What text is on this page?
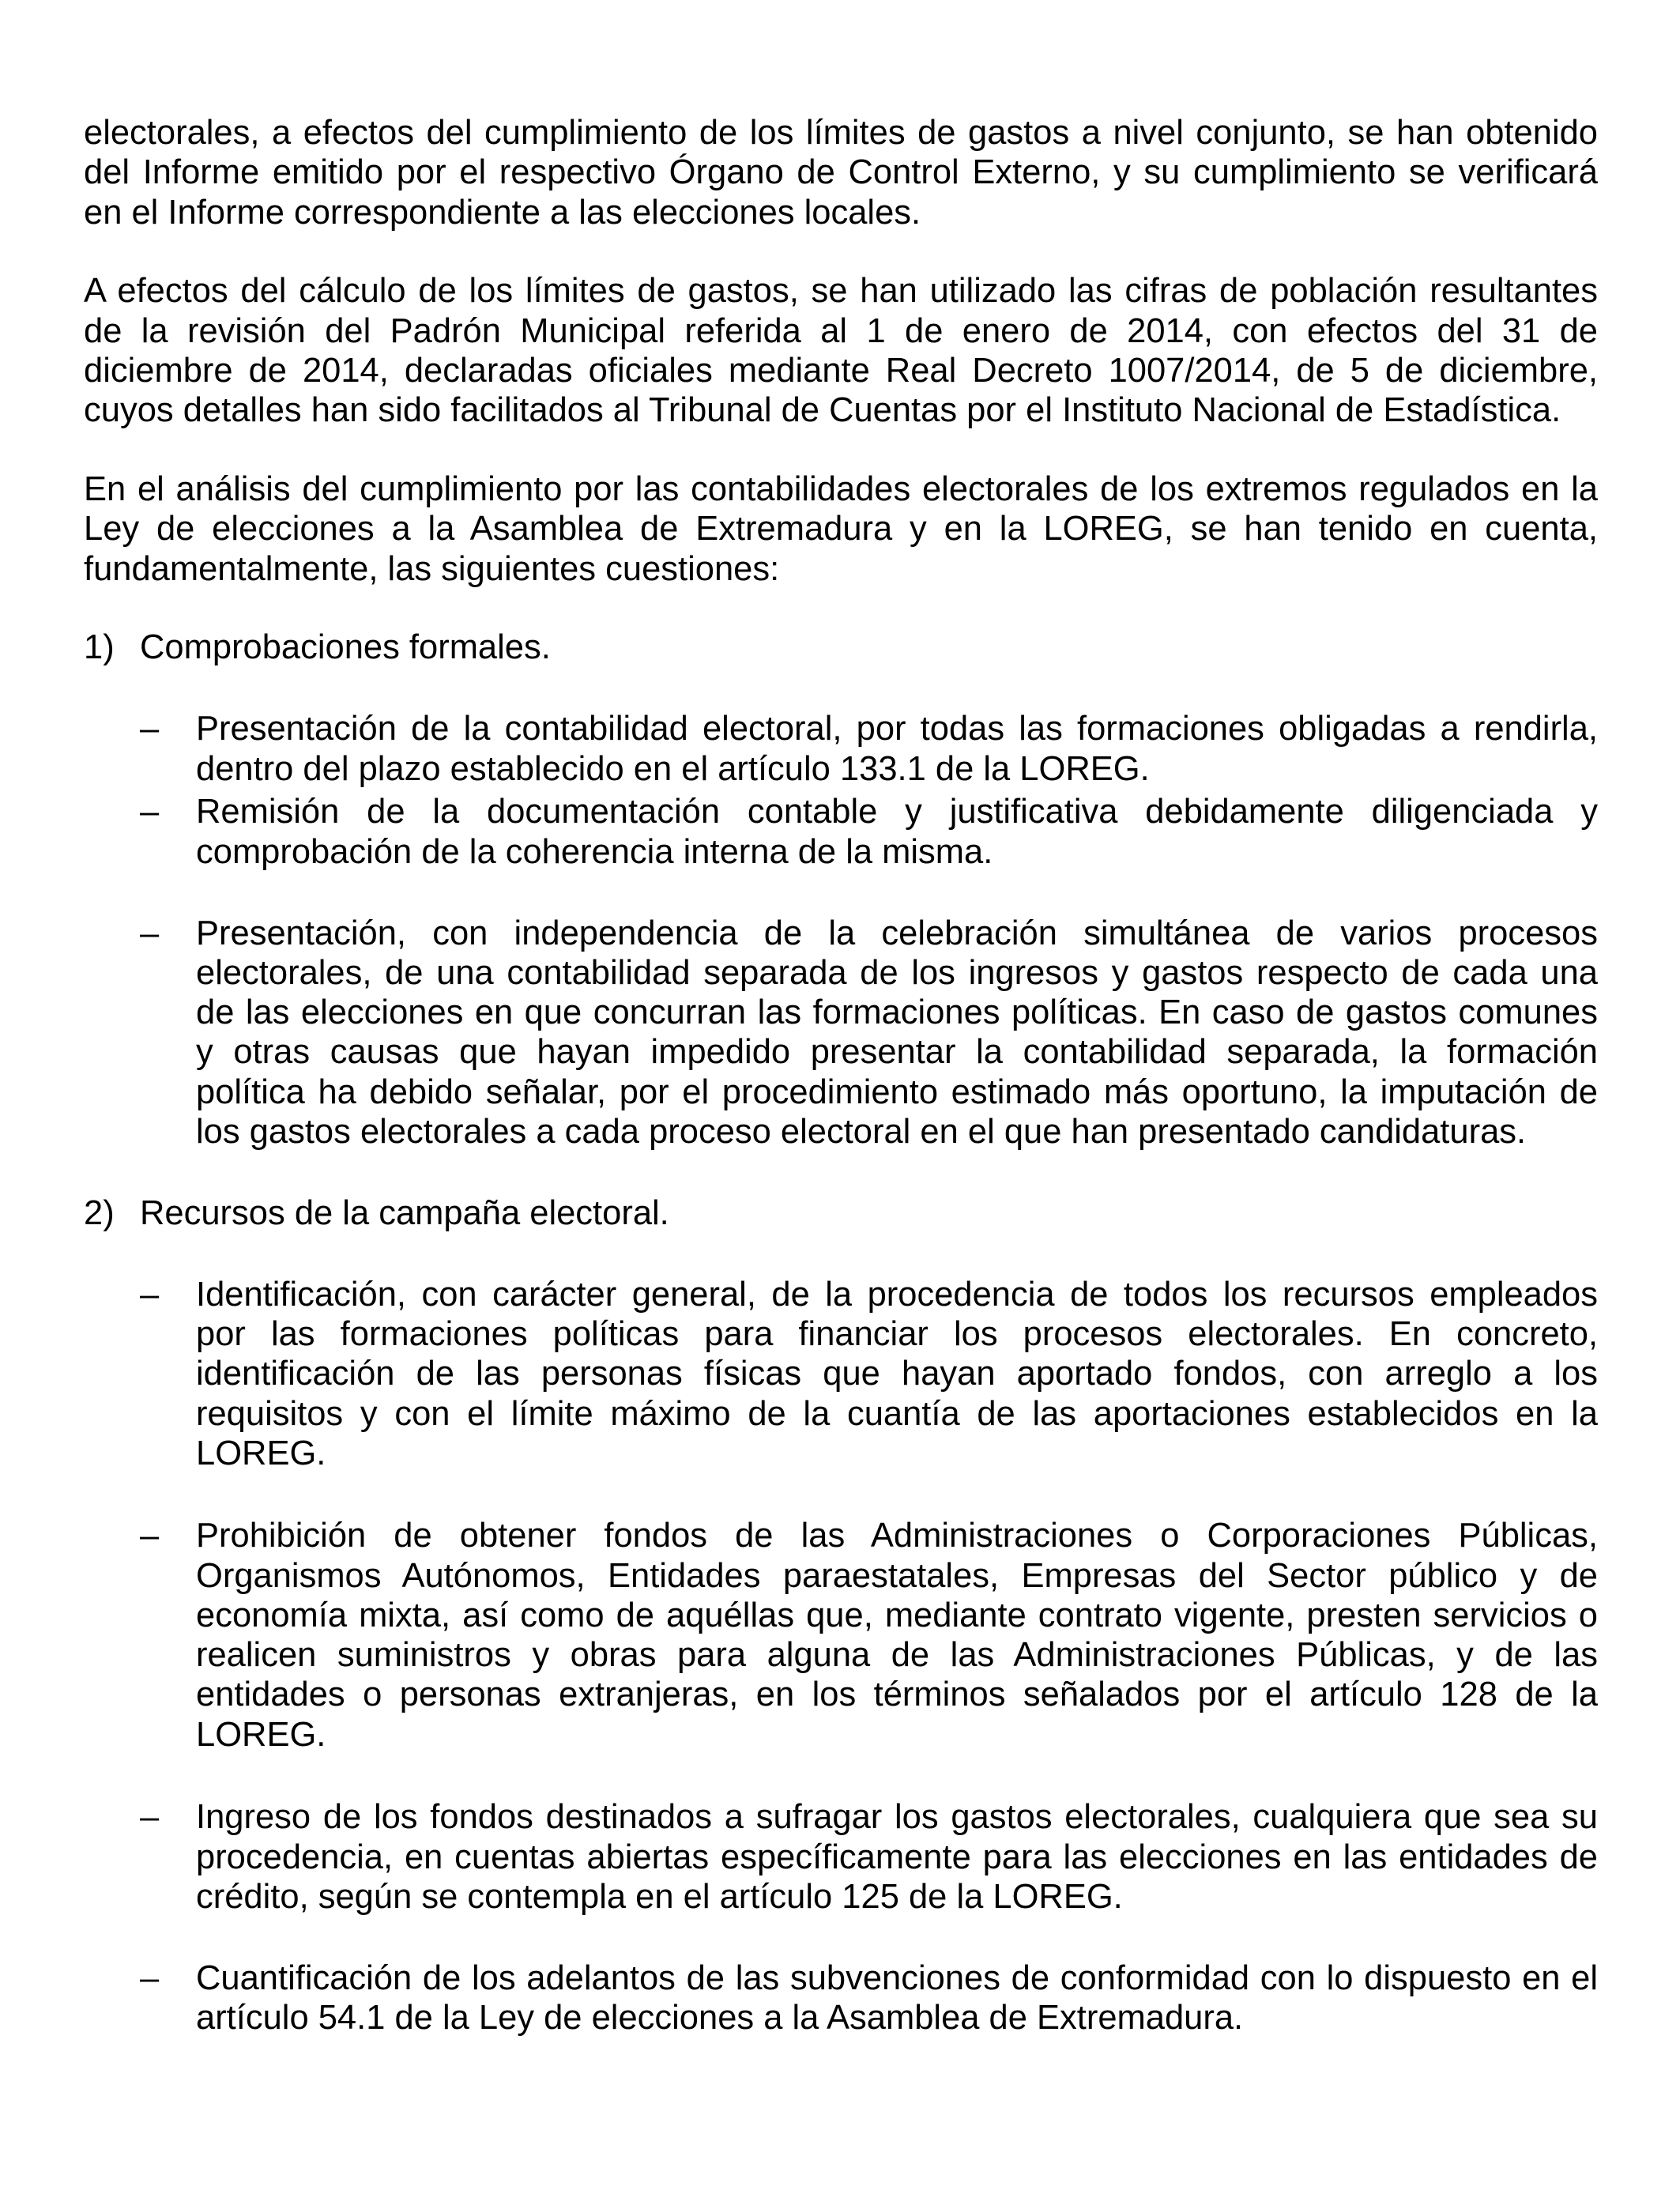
electorales, a efectos del cumplimiento de los límites de gastos a nivel conjunto, se han obtenido
del Informe emitido por el respectivo Órgano de Control Externo, y su cumplimiento se verificará
en el Informe correspondiente a las elecciones locales.
A efectos del cálculo de los límites de gastos, se han utilizado las cifras de población resultantes
de la revisión del Padrón Municipal referida al 1 de enero de 2014, con efectos del 31 de
diciembre de 2014, declaradas oficiales mediante Real Decreto 1007/2014, de 5 de diciembre,
cuyos detalles han sido facilitados al Tribunal de Cuentas por el Instituto Nacional de Estadística.
En el análisis del cumplimiento por las contabilidades electorales de los extremos regulados en la
Ley de elecciones a la Asamblea de Extremadura y en la LOREG, se han tenido en cuenta,
fundamentalmente, las siguientes cuestiones:
1) Comprobaciones formales.
– Presentación de la contabilidad electoral, por todas las formaciones obligadas a rendirla,
dentro del plazo establecido en el artículo 133.1 de la LOREG.
– Remisión de la documentación contable y justificativa debidamente diligenciada y
comprobación de la coherencia interna de la misma.
– Presentación, con independencia de la celebración simultánea de varios procesos
electorales, de una contabilidad separada de los ingresos y gastos respecto de cada una
de las elecciones en que concurran las formaciones políticas. En caso de gastos comunes
y otras causas que hayan impedido presentar la contabilidad separada, la formación
política ha debido señalar, por el procedimiento estimado más oportuno, la imputación de
los gastos electorales a cada proceso electoral en el que han presentado candidaturas.
2) Recursos de la campaña electoral.
– Identificación, con carácter general, de la procedencia de todos los recursos empleados
por las formaciones políticas para financiar los procesos electorales. En concreto,
identificación de las personas físicas que hayan aportado fondos, con arreglo a los
requisitos y con el límite máximo de la cuantía de las aportaciones establecidos en la
LOREG.
– Prohibición de obtener fondos de las Administraciones o Corporaciones Públicas,
Organismos Autónomos, Entidades paraestatales, Empresas del Sector público y de
economía mixta, así como de aquéllas que, mediante contrato vigente, presten servicios o
realicen suministros y obras para alguna de las Administraciones Públicas, y de las
entidades o personas extranjeras, en los términos señalados por el artículo 128 de la
LOREG.
– Ingreso de los fondos destinados a sufragar los gastos electorales, cualquiera que sea su
procedencia, en cuentas abiertas específicamente para las elecciones en las entidades de
crédito, según se contempla en el artículo 125 de la LOREG.
– Cuantificación de los adelantos de las subvenciones de conformidad con lo dispuesto en el
artículo 54.1 de la Ley de elecciones a la Asamblea de Extremadura.
